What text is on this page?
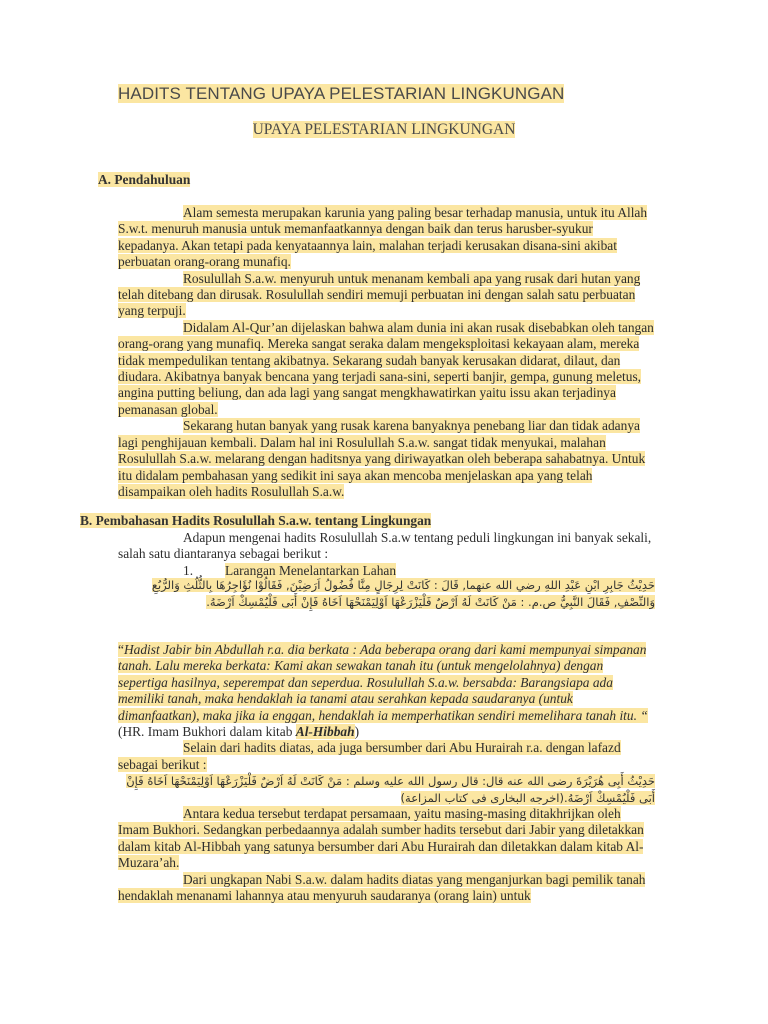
HADITS TENTANG UPAYA PELESTARIAN LINGKUNGAN
UPAYA PELESTARIAN LINGKUNGAN
A. Pendahuluan
Alam semesta merupakan karunia yang paling besar terhadap manusia, untuk itu Allah S.w.t. menuruh manusia untuk memanfaatkannya dengan baik dan terus harusber-syukur kepadanya. Akan tetapi pada kenyataannya lain, malahan terjadi kerusakan disana-sini akibat perbuatan orang-orang munafiq.
Rosulullah S.a.w. menyuruh untuk menanam kembali apa yang rusak dari hutan yang telah ditebang dan dirusak. Rosulullah sendiri memuji perbuatan ini dengan salah satu perbuatan yang terpuji.
Didalam Al-Qur’an dijelaskan bahwa alam dunia ini akan rusak disebabkan oleh tangan orang-orang yang munafiq. Mereka sangat seraka dalam mengeksploitasi kekayaan alam, mereka tidak mempedulikan tentang akibatnya. Sekarang sudah banyak kerusakan didarat, dilaut, dan diudara. Akibatnya banyak bencana yang terjadi sana-sini, seperti banjir, gempa, gunung meletus, angina putting beliung, dan ada lagi yang sangat mengkhawatirkan yaitu issu akan terjadinya pemanasan global.
Sekarang hutan banyak yang rusak karena banyaknya penebang liar dan tidak adanya lagi penghijauan kembali. Dalam hal ini Rosulullah S.a.w. sangat tidak menyukai, malahan Rosulullah S.a.w. melarang dengan haditsnya yang diriwayatkan oleh beberapa sahabatnya. Untuk itu didalam pembahasan yang sedikit ini saya akan mencoba menjelaskan apa yang telah disampaikan oleh hadits Rosulullah S.a.w.
B. Pembahasan Hadits Rosulullah S.a.w. tentang Lingkungan
Adapun mengenai hadits Rosulullah S.a.w tentang peduli lingkungan ini banyak sekali, salah satu diantaranya sebagai berikut :
1. Larangan Menelantarkan Lahan
حَدِيْثُ جَابِرِ ابْنِ عَبْدِ اللهِ رضي الله عنهما, قَالَ : كَانَتْ لِرِجَالٍ مِنَّا فُضُولُ اَرَضِيْنَ, فَقَالُوْا نُؤَاجِرُهَا بِالثُّلُثِ وَالرُّبُعِ وَالنِّصْفِ, فَقَالَ النَّبِيُّ ص.م. : مَنْ كَانَتْ لَهُ اَرْضٌ فَلْيَزْرَعْهَا اَوْلِيَمْنَحْهَا اَخَاهُ فَإِنْ أَبَى فَلْيُمْسِكْ اَرْضَهُ.
“Hadist Jabir bin Abdullah r.a. dia berkata : Ada beberapa orang dari kami mempunyai simpanan tanah. Lalu mereka berkata: Kami akan sewakan tanah itu (untuk mengelolahnya) dengan sepertiga hasilnya, seperempat dan seperdua. Rosulullah S.a.w. bersabda: Barangsiapa ada memiliki tanah, maka hendaklah ia tanami atau serahkan kepada saudaranya (untuk dimanfaatkan), maka jika ia enggan, hendaklah ia memperhatikan sendiri memelihara tanah itu. “ (HR. Imam Bukhori dalam kitab Al-Hibbah)
Selain dari hadits diatas, ada juga bersumber dari Abu Hurairah r.a. dengan lafazd sebagai berikut :
حَدِيْثُ أَبِى هُرَيْرَةَ رضى الله عنه قال: قال رسول الله عليه وسلم : مَنْ كَانَتْ لَهُ اَرْضٌ فَلْيَزْرَعْهَا اَوْلِيَمْنَحْهَا اَخَاهُ فَإِنْ أَبَى فَلْيُمْسِكْ اَرْضَهُ.(اخرجه البخارى فى كتاب المزاعة)
Antara kedua tersebut terdapat persamaan, yaitu masing-masing ditakhrijkan oleh Imam Bukhori. Sedangkan perbedaannya adalah sumber hadits tersebut dari Jabir yang diletakkan dalam kitab Al-Hibbah yang satunya bersumber dari Abu Hurairah dan diletakkan dalam kitab Al-Muzara’ah.
Dari ungkapan Nabi S.a.w. dalam hadits diatas yang menganjurkan bagi pemilik tanah hendaklah menanami lahannya atau menyuruh saudaranya (orang lain) untuk
